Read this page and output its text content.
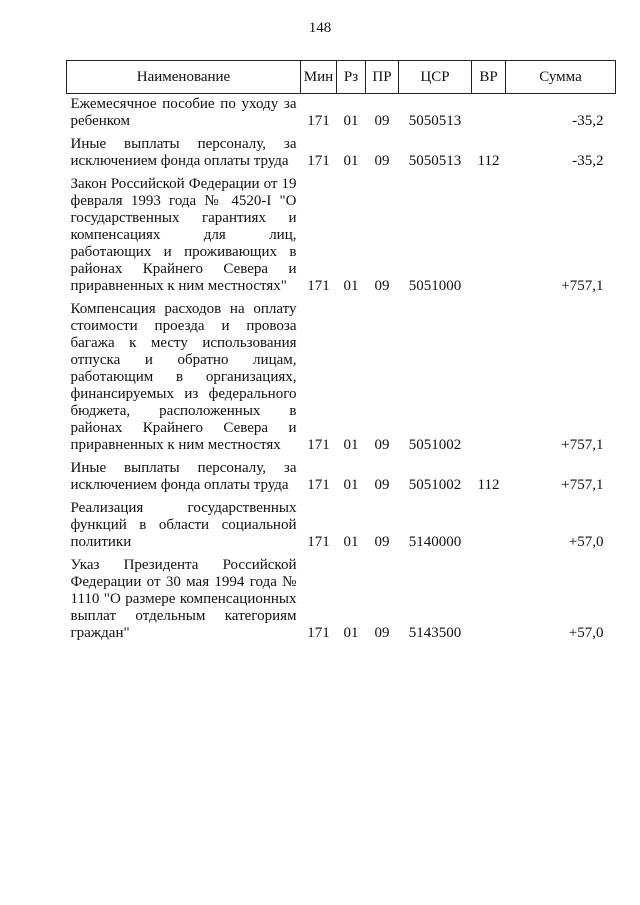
148
Наименование	Мин	Рз	ПР	ЦСР	ВР	Сумма
Ежемесячное пособие по уходу за ребенком	171	01	09	5050513		-35,2
Иные выплаты персоналу, за исключением фонда оплаты труда	171	01	09	5050513	112	-35,2
Закон Российской Федерации от 19 февраля 1993 года № 4520-I "О государственных гарантиях и компенсациях для лиц, работающих и проживающих в районах Крайнего Севера и приравненных к ним местностях"	171	01	09	5051000		+757,1
Компенсация расходов на оплату стоимости проезда и провоза багажа к месту использования отпуска и обратно лицам, работающим в организациях, финансируемых из федерального бюджета, расположенных в районах Крайнего Севера и приравненных к ним местностях	171	01	09	5051002		+757,1
Иные выплаты персоналу, за исключением фонда оплаты труда	171	01	09	5051002	112	+757,1
Реализация государственных функций в области социальной политики	171	01	09	5140000		+57,0
Указ Президента Российской Федерации от 30 мая 1994 года № 1110 "О размере компенсационных выплат отдельным категориям граждан"	171	01	09	5143500		+57,0
